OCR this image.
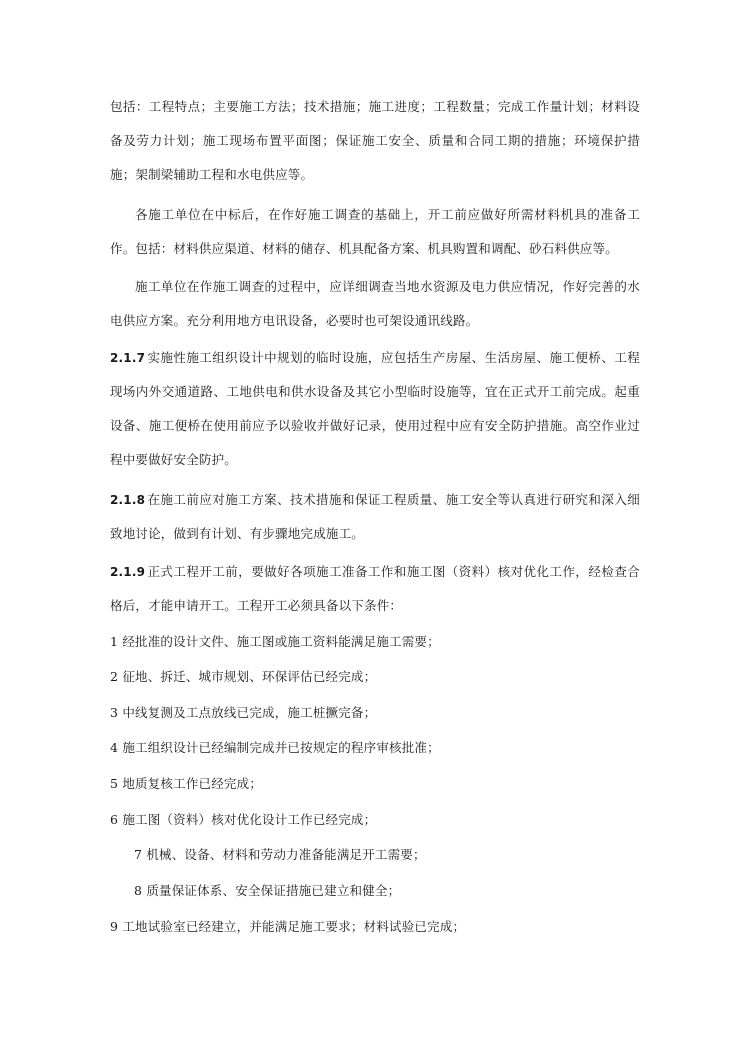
包括：工程特点；主要施工方法；技术措施；施工进度；工程数量；完成工作量计划；材料设备及劳力计划；施工现场布置平面图；保证施工安全、质量和合同工期的措施；环境保护措施；架制梁辅助工程和水电供应等。

各施工单位在中标后，在作好施工调查的基础上，开工前应做好所需材料机具的准备工作。包括：材料供应渠道、材料的储存、机具配备方案、机具购置和调配、砂石料供应等。

施工单位在作施工调查的过程中，应详细调查当地水资源及电力供应情况，作好完善的水电供应方案。充分利用地方电讯设备，必要时也可架设通讯线路。

2.1.7 实施性施工组织设计中规划的临时设施，应包括生产房屋、生活房屋、施工便桥、工程现场内外交通道路、工地供电和供水设备及其它小型临时设施等，宜在正式开工前完成。起重设备、施工便桥在使用前应予以验收并做好记录，使用过程中应有安全防护措施。高空作业过程中要做好安全防护。

2.1.8 在施工前应对施工方案、技术措施和保证工程质量、施工安全等认真进行研究和深入细致地讨论，做到有计划、有步骤地完成施工。

2.1.9 正式工程开工前，要做好各项施工准备工作和施工图（资料）核对优化工作，经检查合格后，才能申请开工。工程开工必须具备以下条件：

1 经批准的设计文件、施工图或施工资料能满足施工需要；

2 征地、拆迁、城市规划、环保评估已经完成；

3 中线复测及工点放线已完成，施工桩撅完备；

4 施工组织设计已经编制完成并已按规定的程序审核批准；

5 地质复核工作已经完成；

6 施工图（资料）核对优化设计工作已经完成；

7 机械、设备、材料和劳动力准备能满足开工需要；

8 质量保证体系、安全保证措施已建立和健全；

9 工地试验室已经建立，并能满足施工要求；材料试验已完成；
